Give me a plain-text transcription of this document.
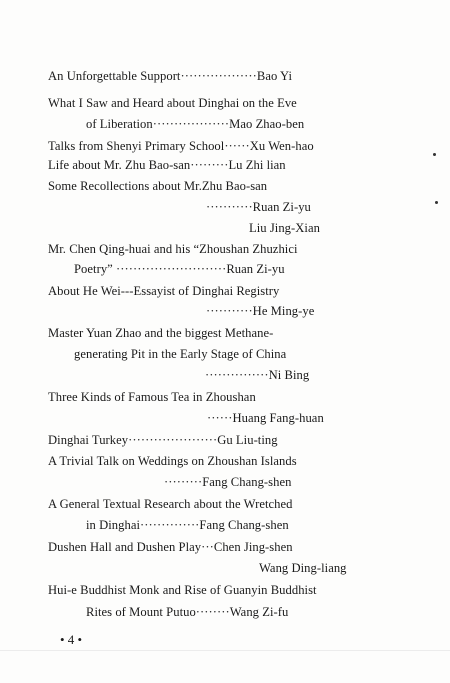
An Unforgettable Support··················Bao Yi
What I Saw and Heard about Dinghai on the Eve
of Liberation··················Mao Zhao-ben
Talks from Shenyi Primary School······Xu Wen-hao
Life about Mr. Zhu Bao-san·········Lu Zhi lian
Some Recollections about Mr.Zhu Bao-san
···········Ruan Zi-yu
Liu Jing-Xian
Mr. Chen Qing-huai and his “Zhoushan Zhuzhici
Poetry” ··························Ruan Zi-yu
About He Wei---Essayist of Dinghai Registry
···········He Ming-ye
Master Yuan Zhao and the biggest Methane-
generating Pit in the Early Stage of China
···············Ni Bing
Three Kinds of Famous Tea in Zhoushan
······Huang Fang-huan
Dinghai Turkey·····················Gu Liu-ting
A Trivial Talk on Weddings on Zhoushan Islands
·········Fang Chang-shen
A General Textual Research about the Wretched
in Dinghai··············Fang Chang-shen
Dushen Hall and Dushen Play···Chen Jing-shen
Wang Ding-liang
Hui-e Buddhist Monk and Rise of Guanyin Buddhist
Rites of Mount Putuo········Wang Zi-fu
• 4 •
